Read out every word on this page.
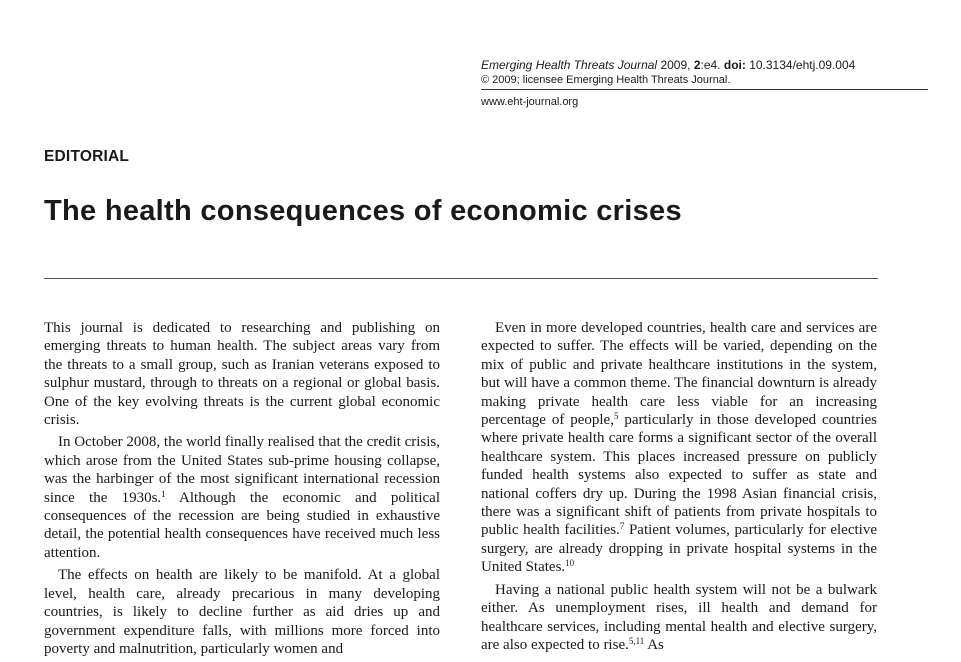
Emerging Health Threats Journal 2009, 2:e4. doi: 10.3134/ehtj.09.004
© 2009; licensee Emerging Health Threats Journal.
www.eht-journal.org
EDITORIAL
The health consequences of economic crises

This journal is dedicated to researching and publishing on emerging threats to human health. The subject areas vary from the threats to a small group, such as Iranian veterans exposed to sulphur mustard, through to threats on a regional or global basis. One of the key evolving threats is the current global economic crisis.

In October 2008, the world finally realised that the credit crisis, which arose from the United States sub-prime housing collapse, was the harbinger of the most significant international recession since the 1930s.$^1$ Although the economic and political consequences of the recession are being studied in exhaustive detail, the potential health consequences have received much less attention.

The effects on health are likely to be manifold. At a global level, health care, already precarious in many developing countries, is likely to decline further as aid dries up and government expenditure falls, with millions more forced into poverty and malnutrition, particularly women and

Even in more developed countries, health care and services are expected to suffer. The effects will be varied, depending on the mix of public and private healthcare institutions in the system, but will have a common theme. The financial downturn is already making private health care less viable for an increasing percentage of people,$^5$ particularly in those developed countries where private health care forms a significant sector of the overall healthcare system. This places increased pressure on publicly funded health systems also expected to suffer as state and national coffers dry up. During the 1998 Asian financial crisis, there was a significant shift of patients from private hospitals to public health facilities.$^7$ Patient volumes, particularly for elective surgery, are already dropping in private hospital systems in the United States.$^{10}$

Having a national public health system will not be a bulwark either. As unemployment rises, ill health and demand for healthcare services, including mental health and elective surgery, are also expected to rise.$^{5,11}$ As
